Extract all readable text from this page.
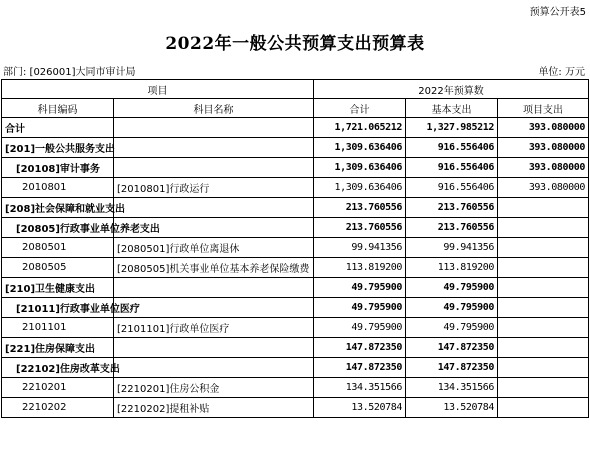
预算公开表5
2022年一般公共预算支出预算表
部门: [026001]大同市审计局	单位: 万元
项目		2022年预算数		
科目编码	科目名称	合计	基本支出	项目支出
合计		1,721.065212	1,327.985212	393.080000
[201]一般公共服务支出		1,309.636406	916.556406	393.080000
[20108]审计事务		1,309.636406	916.556406	393.080000
2010801	[2010801]行政运行	1,309.636406	916.556406	393.080000
[208]社会保障和就业支出		213.760556	213.760556	
[20805]行政事业单位养老支出		213.760556	213.760556	
2080501	[2080501]行政单位离退休	99.941356	99.941356	
2080505	[2080505]机关事业单位基本养老保险缴费	113.819200	113.819200	
[210]卫生健康支出		49.795900	49.795900	
[21011]行政事业单位医疗		49.795900	49.795900	
2101101	[2101101]行政单位医疗	49.795900	49.795900	
[221]住房保障支出		147.872350	147.872350	
[22102]住房改革支出		147.872350	147.872350	
2210201	[2210201]住房公积金	134.351566	134.351566	
2210202	[2210202]提租补贴	13.520784	13.520784	
